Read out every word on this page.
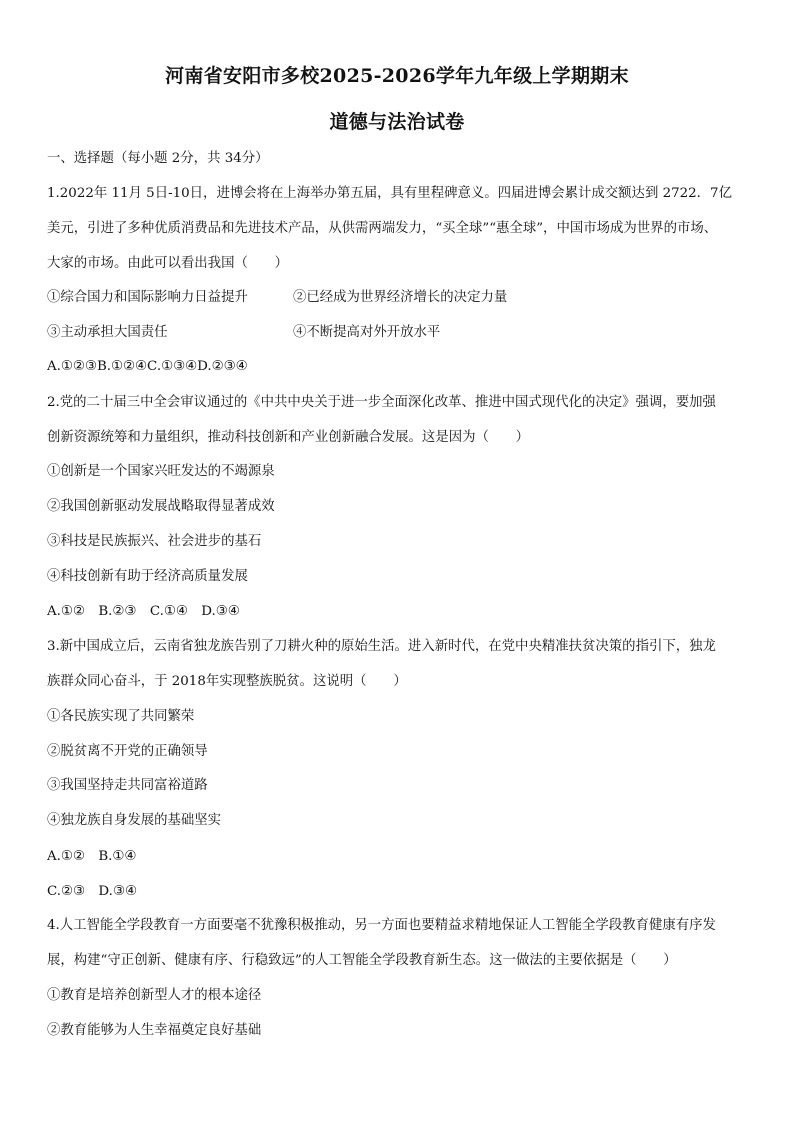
河南省安阳市多校2025-2026学年九年级上学期期末
道德与法治试卷
一、选择题（每小题 2分，共 34分）
1.2022年 11月 5日-10日，进博会将在上海举办第五届，具有里程碑意义。四届进博会累计成交额达到 2722．7亿
美元，引进了多种优质消费品和先进技术产品，从供需两端发力，“买全球”“惠全球”，中国市场成为世界的市场、
大家的市场。由此可以看出我国（　　）
①综合国力和国际影响力日益提升	②已经成为世界经济增长的决定力量
③主动承担大国责任	④不断提高对外开放水平
A.①②③B.①②④C.①③④D.②③④
2.党的二十届三中全会审议通过的《中共中央关于进一步全面深化改革、推进中国式现代化的决定》强调，要加强
创新资源统筹和力量组织，推动科技创新和产业创新融合发展。这是因为（　　）
①创新是一个国家兴旺发达的不竭源泉
②我国创新驱动发展战略取得显著成效
③科技是民族振兴、社会进步的基石
④科技创新有助于经济高质量发展
A.①②　B.②③　C.①④　D.③④
3.新中国成立后，云南省独龙族告别了刀耕火种的原始生活。进入新时代，在党中央精准扶贫决策的指引下，独龙
族群众同心奋斗，于 2018年实现整族脱贫。这说明（　　）
①各民族实现了共同繁荣
②脱贫离不开党的正确领导
③我国坚持走共同富裕道路
④独龙族自身发展的基础坚实
A.①②　B.①④
C.②③　D.③④
4.人工智能全学段教育一方面要毫不犹豫积极推动，另一方面也要精益求精地保证人工智能全学段教育健康有序发
展，构建“守正创新、健康有序、行稳致远”的人工智能全学段教育新生态。这一做法的主要依据是（　　）
①教育是培养创新型人才的根本途径
②教育能够为人生幸福奠定良好基础
